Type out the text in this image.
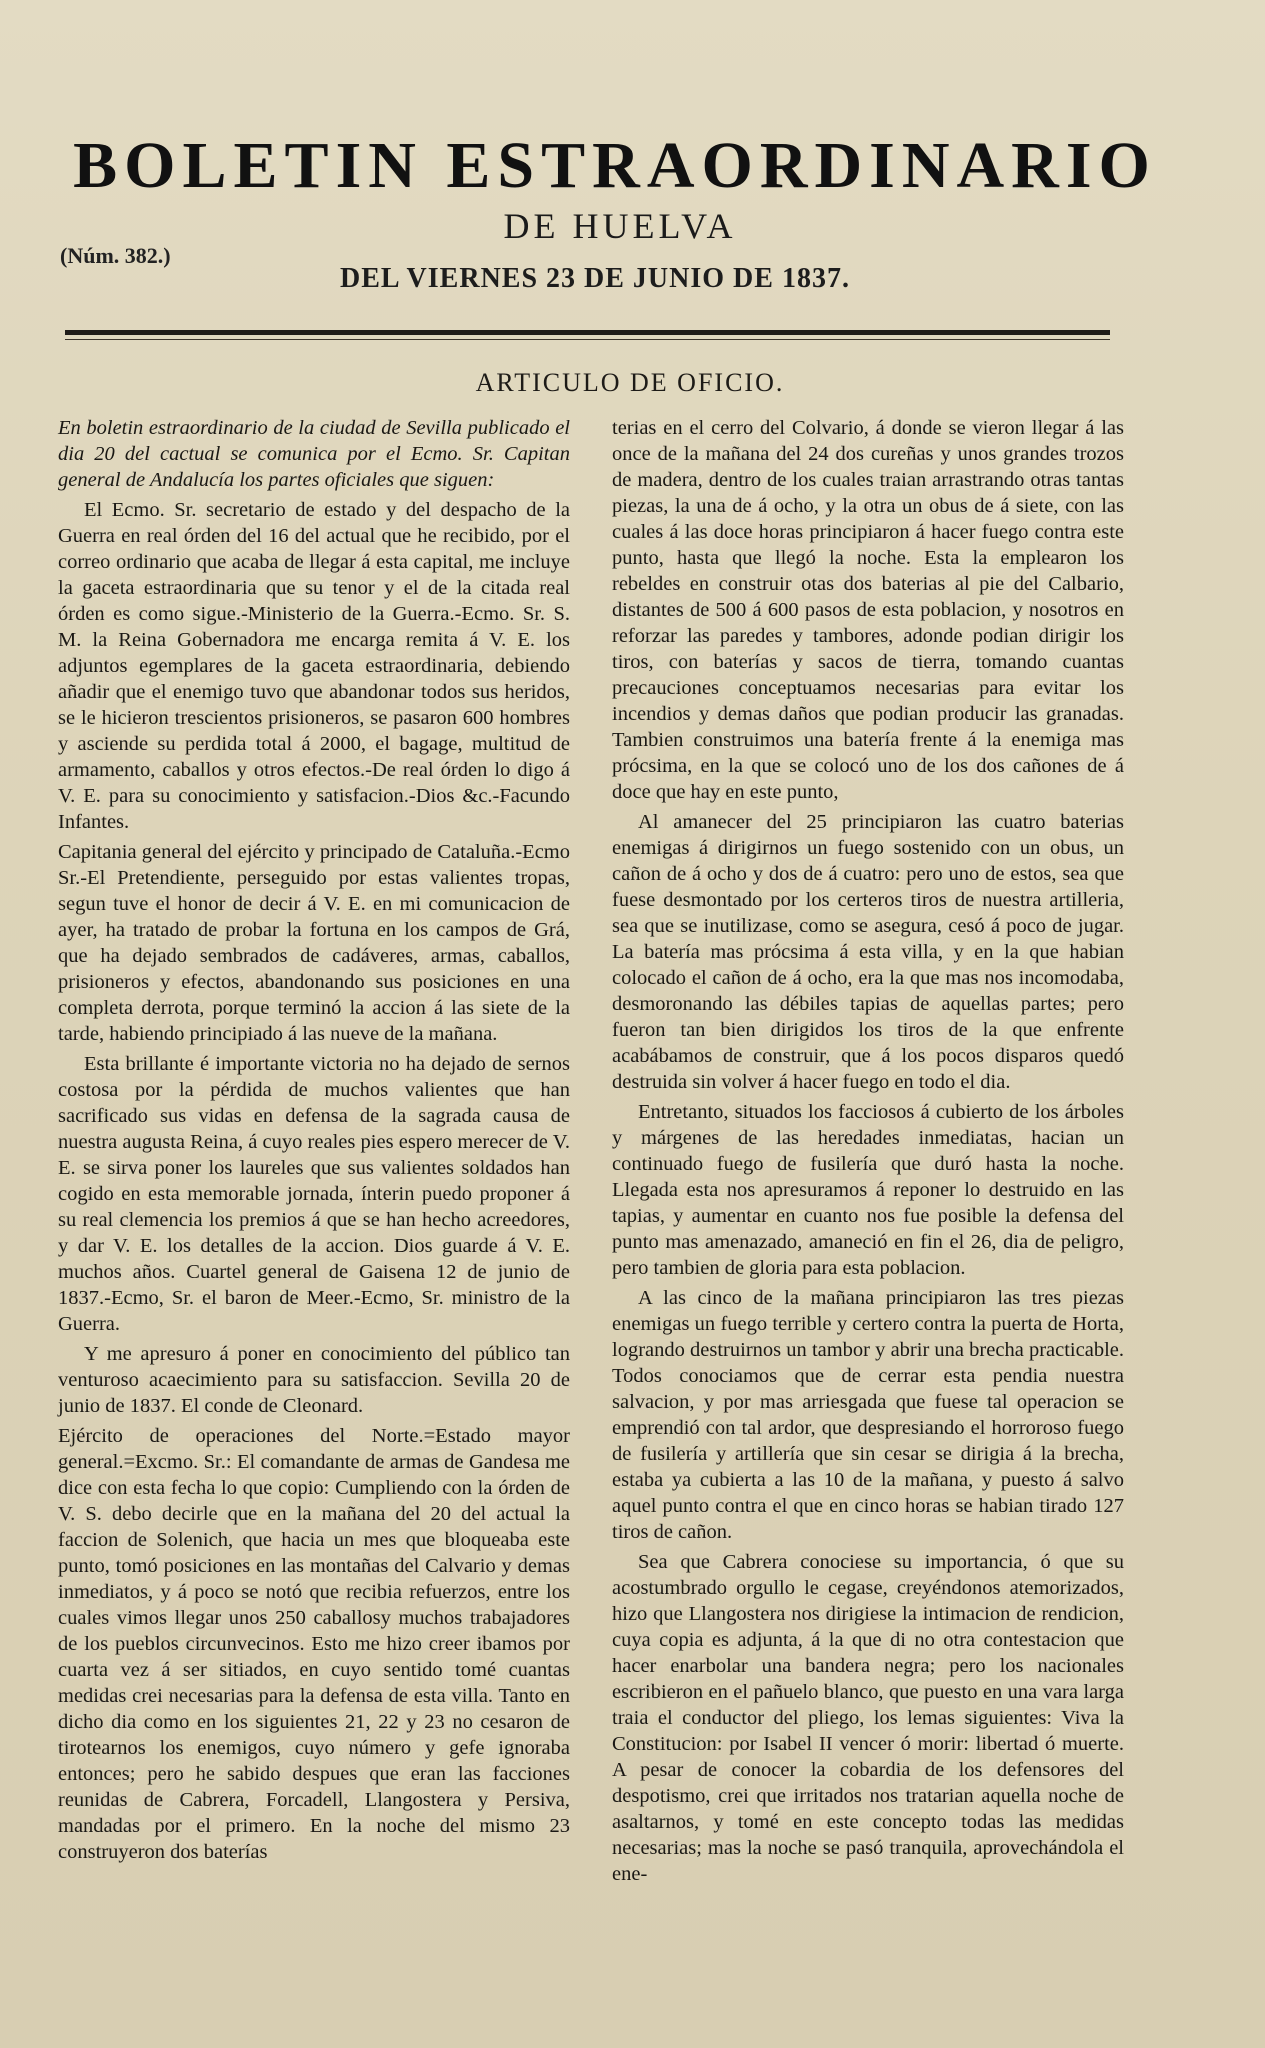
BOLETIN ESTRAORDINARIO
DE HUELVA
(Núm. 382.)
DEL VIERNES 23 DE JUNIO DE 1837.
ARTICULO DE OFICIO.

En boletin estraordinario de la ciudad de Sevilla publicado el dia 20 del cactual se comunica por el Ecmo. Sr. Capitan general de Andalucía los partes oficiales que siguen:

El Ecmo. Sr. secretario de estado y del despacho de la Guerra en real órden del 16 del actual que he recibido, por el correo ordinario que acaba de llegar á esta capital, me incluye la gaceta estraordinaria que su tenor y el de la citada real órden es como sigue.-Ministerio de la Guerra.-Ecmo. Sr. S. M. la Reina Gobernadora me encarga remita á V. E. los adjuntos egemplares de la gaceta estraordinaria, debiendo añadir que el enemigo tuvo que abandonar todos sus heridos, se le hicieron trescientos prisioneros, se pasaron 600 hombres y asciende su perdida total á 2000, el bagage, multitud de armamento, caballos y otros efectos.-De real órden lo digo á V. E. para su conocimiento y satisfacion.-Dios &c.-Facundo Infantes.

Capitania general del ejército y principado de Cataluña.-Ecmo Sr.-El Pretendiente, perseguido por estas valientes tropas, segun tuve el honor de decir á V. E. en mi comunicacion de ayer, ha tratado de probar la fortuna en los campos de Grá, que ha dejado sembrados de cadáveres, armas, caballos, prisioneros y efectos, abandonando sus posiciones en una completa derrota, porque terminó la accion á las siete de la tarde, habiendo principiado á las nueve de la mañana.

Esta brillante é importante victoria no ha dejado de sernos costosa por la pérdida de muchos valientes que han sacrificado sus vidas en defensa de la sagrada causa de nuestra augusta Reina, á cuyo reales pies espero merecer de V. E. se sirva poner los laureles que sus valientes soldados han cogido en esta memorable jornada, ínterin puedo proponer á su real clemencia los premios á que se han hecho acreedores, y dar V. E. los detalles de la accion. Dios guarde á V. E. muchos años. Cuartel general de Gaisena 12 de junio de 1837.-Ecmo, Sr. el baron de Meer.-Ecmo, Sr. ministro de la Guerra.

Y me apresuro á poner en conocimiento del público tan venturoso acaecimiento para su satisfaccion. Sevilla 20 de junio de 1837. El conde de Cleonard.

Ejército de operaciones del Norte.=Estado mayor general.=Excmo. Sr.: El comandante de armas de Gandesa me dice con esta fecha lo que copio: Cumpliendo con la órden de V. S. debo decirle que en la mañana del 20 del actual la faccion de Solenich, que hacia un mes que bloqueaba este punto, tomó posiciones en las montañas del Calvario y demas inmediatos, y á poco se notó que recibia refuerzos, entre los cuales vimos llegar unos 250 caballosy muchos trabajadores de los pueblos circunvecinos. Esto me hizo creer ibamos por cuarta vez á ser sitiados, en cuyo sentido tomé cuantas medidas crei necesarias para la defensa de esta villa. Tanto en dicho dia como en los siguientes 21, 22 y 23 no cesaron de tirotearnos los enemigos, cuyo número y gefe ignoraba entonces; pero he sabido despues que eran las facciones reunidas de Cabrera, Forcadell, Llangostera y Persiva, mandadas por el primero. En la noche del mismo 23 construyeron dos baterías

terias en el cerro del Colvario, á donde se vieron llegar á las once de la mañana del 24 dos cureñas y unos grandes trozos de madera, dentro de los cuales traian arrastrando otras tantas piezas, la una de á ocho, y la otra un obus de á siete, con las cuales á las doce horas principiaron á hacer fuego contra este punto, hasta que llegó la noche. Esta la emplearon los rebeldes en construir otas dos baterias al pie del Calbario, distantes de 500 á 600 pasos de esta poblacion, y nosotros en reforzar las paredes y tambores, adonde podian dirigir los tiros, con baterías y sacos de tierra, tomando cuantas precauciones conceptuamos necesarias para evitar los incendios y demas daños que podian producir las granadas. Tambien construimos una batería frente á la enemiga mas prócsima, en la que se colocó uno de los dos cañones de á doce que hay en este punto,

Al amanecer del 25 principiaron las cuatro baterias enemigas á dirigirnos un fuego sostenido con un obus, un cañon de á ocho y dos de á cuatro: pero uno de estos, sea que fuese desmontado por los certeros tiros de nuestra artilleria, sea que se inutilizase, como se asegura, cesó á poco de jugar. La batería mas prócsima á esta villa, y en la que habian colocado el cañon de á ocho, era la que mas nos incomodaba, desmoronando las débiles tapias de aquellas partes; pero fueron tan bien dirigidos los tiros de la que enfrente acabábamos de construir, que á los pocos disparos quedó destruida sin volver á hacer fuego en todo el dia.

Entretanto, situados los facciosos á cubierto de los árboles y márgenes de las heredades inmediatas, hacian un continuado fuego de fusilería que duró hasta la noche. Llegada esta nos apresuramos á reponer lo destruido en las tapias, y aumentar en cuanto nos fue posible la defensa del punto mas amenazado, amaneció en fin el 26, dia de peligro, pero tambien de gloria para esta poblacion.

A las cinco de la mañana principiaron las tres piezas enemigas un fuego terrible y certero contra la puerta de Horta, logrando destruirnos un tambor y abrir una brecha practicable. Todos conociamos que de cerrar esta pendia nuestra salvacion, y por mas arriesgada que fuese tal operacion se emprendió con tal ardor, que despresiando el horroroso fuego de fusilería y artillería que sin cesar se dirigia á la brecha, estaba ya cubierta a las 10 de la mañana, y puesto á salvo aquel punto contra el que en cinco horas se habian tirado 127 tiros de cañon.

Sea que Cabrera conociese su importancia, ó que su acostumbrado orgullo le cegase, creyéndonos atemorizados, hizo que Llangostera nos dirigiese la intimacion de rendicion, cuya copia es adjunta, á la que di no otra contestacion que hacer enarbolar una bandera negra; pero los nacionales escribieron en el pañuelo blanco, que puesto en una vara larga traia el conductor del pliego, los lemas siguientes: Viva la Constitucion: por Isabel II vencer ó morir: libertad ó muerte. A pesar de conocer la cobardia de los defensores del despotismo, crei que irritados nos tratarian aquella noche de asaltarnos, y tomé en este concepto todas las medidas necesarias; mas la noche se pasó tranquila, aprovechándola el ene-
